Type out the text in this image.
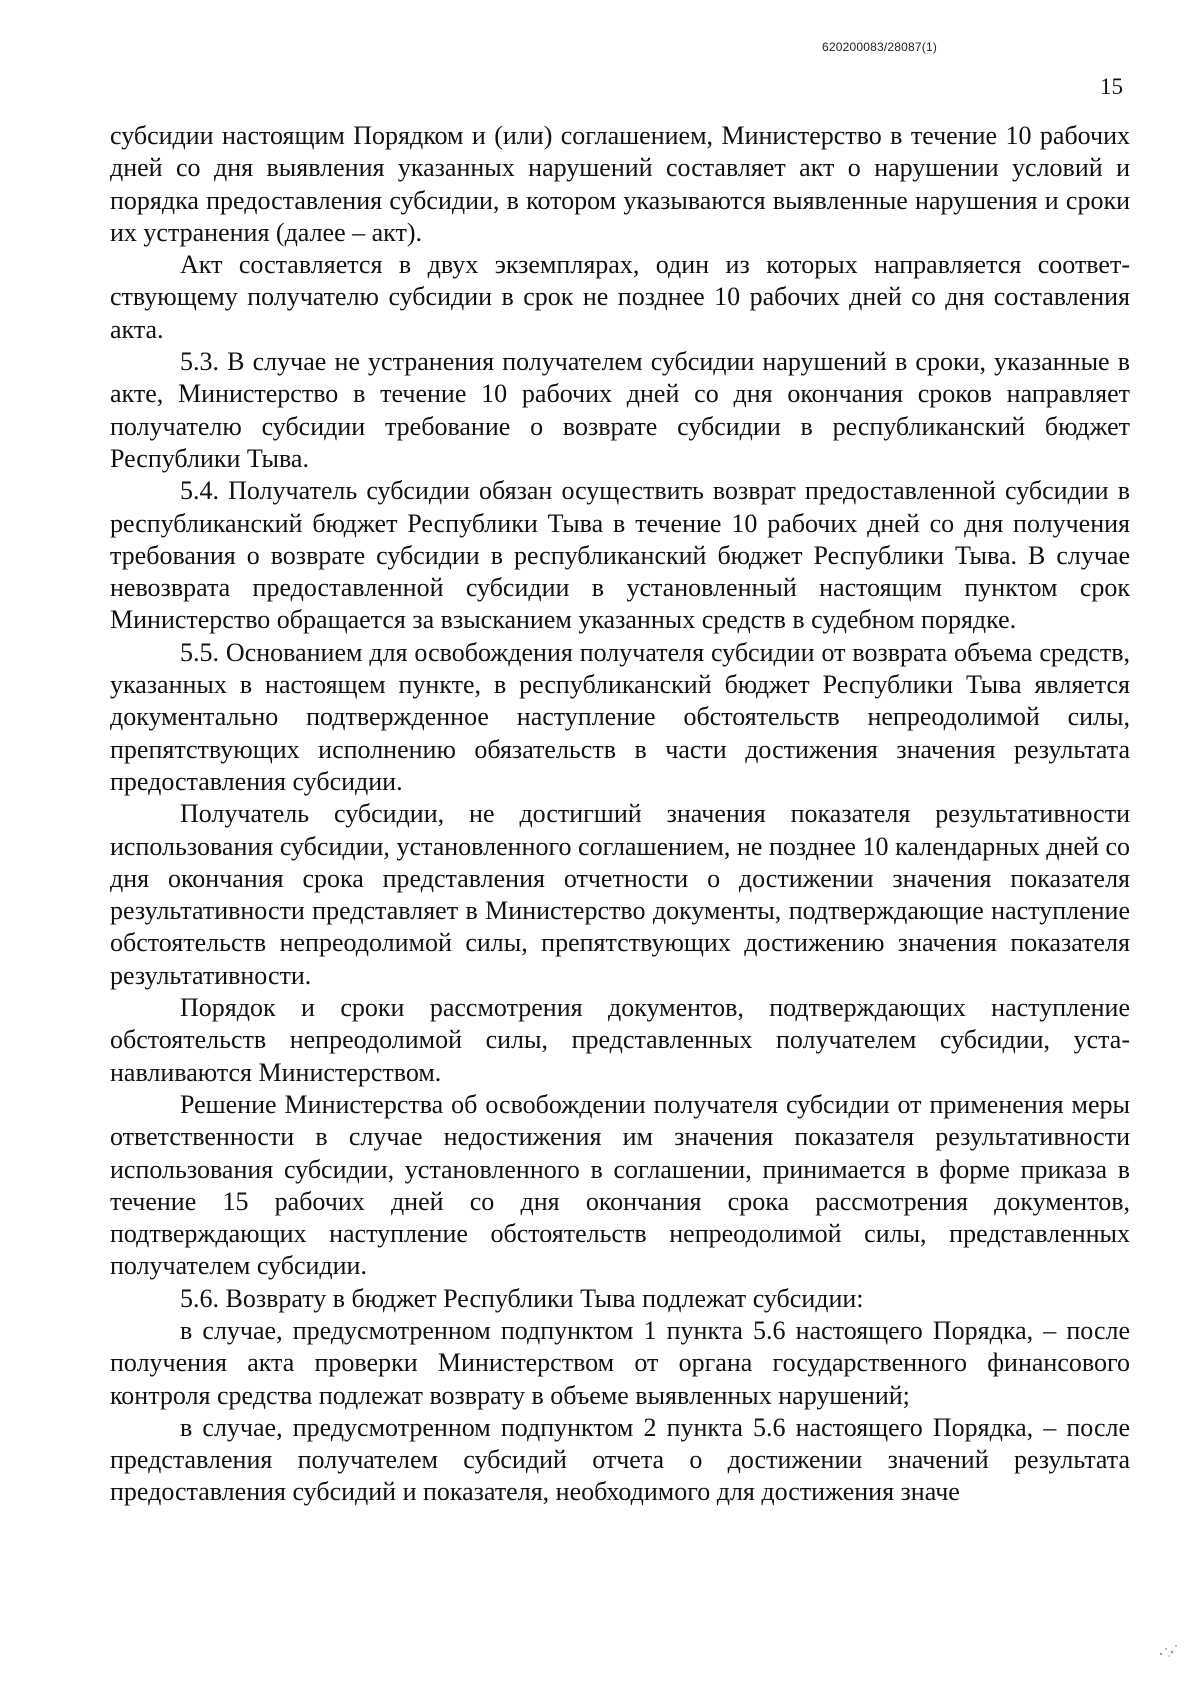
620200083/28087(1)
15

субсидии настоящим Порядком и (или) соглашением, Министерство в течение 10 рабочих дней со дня выявления указанных нарушений составляет акт о нарушении условий и порядка предоставления субсидии, в котором указываются выявленные нарушения и сроки их устранения (далее – акт).

Акт составляется в двух экземплярах, один из которых направляется соответствующему получателю субсидии в срок не позднее 10 рабочих дней со дня составления акта.

5.3. В случае не устранения получателем субсидии нарушений в сроки, указанные в акте, Министерство в течение 10 рабочих дней со дня окончания сроков направляет получателю субсидии требование о возврате субсидии в республиканский бюджет Республики Тыва.

5.4. Получатель субсидии обязан осуществить возврат предоставленной субсидии в республиканский бюджет Республики Тыва в течение 10 рабочих дней со дня получения требования о возврате субсидии в республиканский бюджет Республики Тыва. В случае невозврата предоставленной субсидии в установленный настоящим пунктом срок Министерство обращается за взысканием указанных средств в судебном порядке.

5.5. Основанием для освобождения получателя субсидии от возврата объема средств, указанных в настоящем пункте, в республиканский бюджет Республики Тыва является документально подтвержденное наступление обстоятельств непреодолимой силы, препятствующих исполнению обязательств в части достижения значения результата предоставления субсидии.

Получатель субсидии, не достигший значения показателя результативности использования субсидии, установленного соглашением, не позднее 10 календарных дней со дня окончания срока представления отчетности о достижении значения показателя результативности представляет в Министерство документы, подтверждающие наступление обстоятельств непреодолимой силы, препятствующих достижению значения показателя результативности.

Порядок и сроки рассмотрения документов, подтверждающих наступление обстоятельств непреодолимой силы, представленных получателем субсидии, устанавливаются Министерством.

Решение Министерства об освобождении получателя субсидии от применения меры ответственности в случае недостижения им значения показателя результативности использования субсидии, установленного в соглашении, принимается в форме приказа в течение 15 рабочих дней со дня окончания срока рассмотрения документов, подтверждающих наступление обстоятельств непреодолимой силы, представленных получателем субсидии.

5.6. Возврату в бюджет Республики Тыва подлежат субсидии:

в случае, предусмотренном подпунктом 1 пункта 5.6 настоящего Порядка, – после получения акта проверки Министерством от органа государственного финансового контроля средства подлежат возврату в объеме выявленных нарушений;

в случае, предусмотренном подпунктом 2 пункта 5.6 настоящего Порядка, – после представления получателем субсидий отчета о достижении значений результата предоставления субсидий и показателя, необходимого для достижения значе
